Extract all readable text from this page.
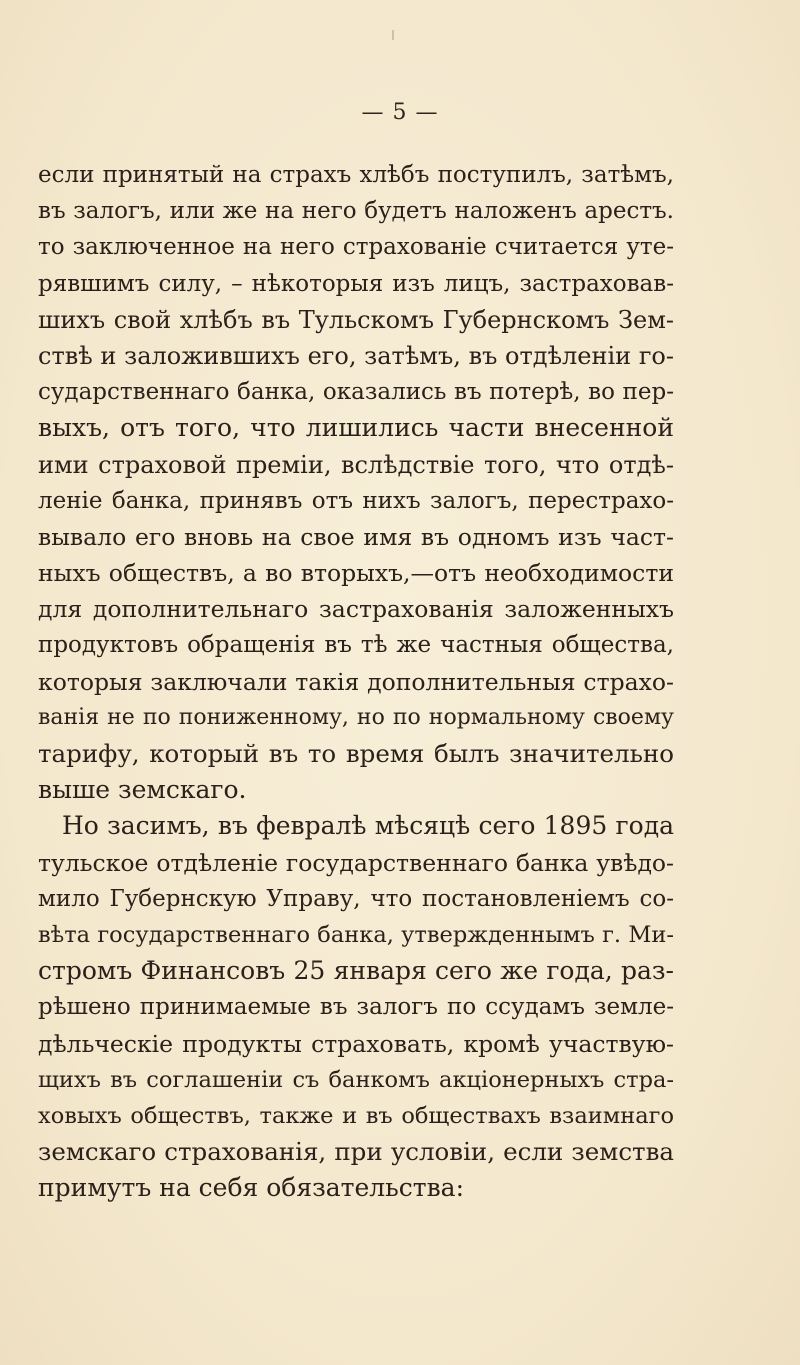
— 5 —
если принятый на страхъ хлѣбъ поступилъ, затѣмъ,
въ залогъ, или же на него будетъ наложенъ арестъ.
то заключенное на него страхованіе считается уте-
рявшимъ силу, – нѣкоторыя изъ лицъ, застраховав-
шихъ свой хлѣбъ въ Тульскомъ Губернскомъ Зем-
ствѣ и заложившихъ его, затѣмъ, въ отдѣленіи го-
сударственнаго банка, оказались въ потерѣ, во пер-
выхъ, отъ того, что лишились части внесенной
ими страховой преміи, вслѣдствіе того, что отдѣ-
леніе банка, принявъ отъ нихъ залогъ, перестрахо-
вывало его вновь на свое имя въ одномъ изъ част-
ныхъ обществъ, а во вторыхъ,—отъ необходимости
для дополнительнаго застрахованія заложенныхъ
продуктовъ обращенія въ тѣ же частныя общества,
которыя заключали такія дополнительныя страхо-
ванія не по пониженному, но по нормальному своему
тарифу, который въ то время былъ значительно
выше земскаго.
Но засимъ, въ февралѣ мѣсяцѣ сего 1895 года
тульское отдѣленіе государственнаго банка увѣдо-
мило Губернскую Управу, что постановленіемъ со-
вѣта государственнаго банка, утвержденнымъ г. Ми-
стромъ Финансовъ 25 января сего же года, раз-
рѣшено принимаемые въ залогъ по ссудамъ земле-
дѣльческіе продукты страховать, кромѣ участвую-
щихъ въ соглашеніи съ банкомъ акціонерныхъ стра-
ховыхъ обществъ, также и въ обществахъ взаимнаго
земскаго страхованія, при условіи, если земства
примутъ на себя обязательства:
